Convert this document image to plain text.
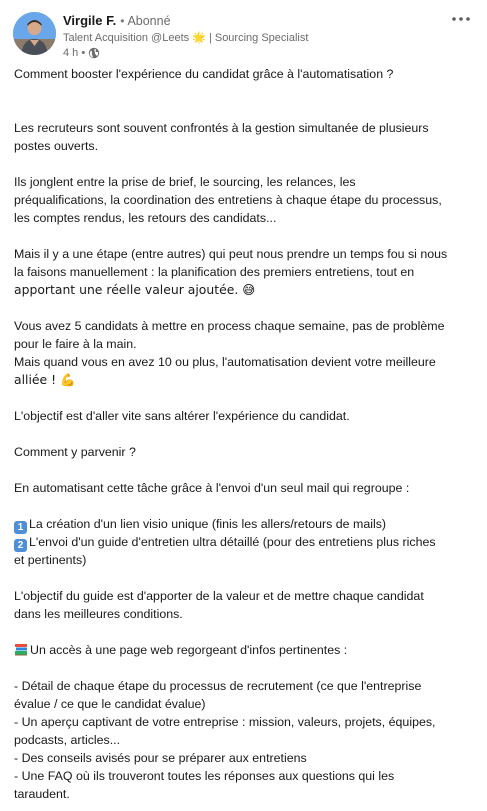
Virgile F. • Abonné
Talent Acquisition @Leets 🌟 | Sourcing Specialist
4 h •
Comment booster l'expérience du candidat grâce à l'automatisation ?
Les recruteurs sont souvent confrontés à la gestion simultanée de plusieurs
postes ouverts.
Ils jonglent entre la prise de brief, le sourcing, les relances, les
préqualifications, la coordination des entretiens à chaque étape du processus,
les comptes rendus, les retours des candidats...
Mais il y a une étape (entre autres) qui peut nous prendre un temps fou si nous
la faisons manuellement : la planification des premiers entretiens, tout en
apportant une réelle valeur ajoutée. 😅
Vous avez 5 candidats à mettre en process chaque semaine, pas de problème
pour le faire à la main.
Mais quand vous en avez 10 ou plus, l'automatisation devient votre meilleure
alliée ! 💪
L'objectif est d'aller vite sans altérer l'expérience du candidat.
Comment y parvenir ?
En automatisant cette tâche grâce à l'envoi d'un seul mail qui regroupe :
1 La création d'un lien visio unique (finis les allers/retours de mails)
2 L'envoi d'un guide d'entretien ultra détaillé (pour des entretiens plus riches
et pertinents)
L'objectif du guide est d'apporter de la valeur et de mettre chaque candidat
dans les meilleures conditions.
Un accès à une page web regorgeant d'infos pertinentes :
- Détail de chaque étape du processus de recrutement (ce que l'entreprise
évalue / ce que le candidat évalue)
- Un aperçu captivant de votre entreprise : mission, valeurs, projets, équipes,
podcasts, articles...
- Des conseils avisés pour se préparer aux entretiens
- Une FAQ où ils trouveront toutes les réponses aux questions qui les
taraudent.
